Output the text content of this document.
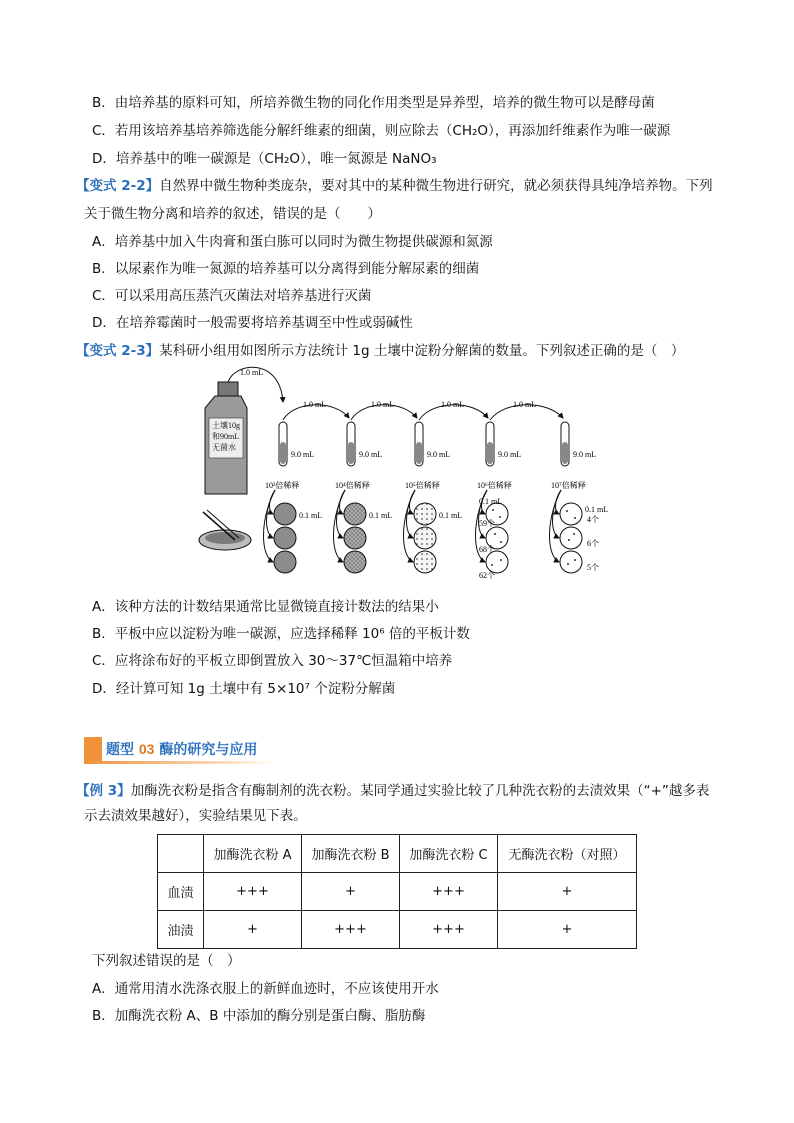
B．由培养基的原料可知，所培养微生物的同化作用类型是异养型，培养的微生物可以是酵母菌
C．若用该培养基培养筛选能分解纤维素的细菌，则应除去（CH₂O），再添加纤维素作为唯一碳源
D．培养基中的唯一碳源是（CH₂O），唯一氮源是 NaNO₃
【变式 2-2】自然界中微生物种类庞杂，要对其中的某种微生物进行研究，就必须获得具纯净培养物。下列
关于微生物分离和培养的叙述，错误的是（　　）
A．培养基中加入牛肉膏和蛋白胨可以同时为微生物提供碳源和氮源
B．以尿素作为唯一氮源的培养基可以分离得到能分解尿素的细菌
C．可以采用高压蒸汽灭菌法对培养基进行灭菌
D．在培养霉菌时一般需要将培养基调至中性或弱碱性
【变式 2-3】某科研小组用如图所示方法统计 1g 土壤中淀粉分解菌的数量。下列叙述正确的是（　）
土壤10g
和90mL
无菌水
1.0 mL
9.0 mL	9.0 mL	9.0 mL	9.0 mL	9.0 mL
1.0 mL	1.0 mL	1.0 mL	1.0 mL
10³倍稀释	10⁴倍稀释	10⁵倍稀释	10⁶倍稀释	10⁷倍稀释
0.1 mL	0.1 mL	0.1 mL
0.1 mL
59个
68个
62个
0.1 mL
4个
6个
5个
A．该种方法的计数结果通常比显微镜直接计数法的结果小
B．平板中应以淀粉为唯一碳源，应选择稀释 10⁶ 倍的平板计数
C．应将涂布好的平板立即倒置放入 30～37℃恒温箱中培养
D．经计算可知 1g 土壤中有 5×10⁷ 个淀粉分解菌
题型 03 酶的研究与应用
【例 3】加酶洗衣粉是指含有酶制剂的洗衣粉。某同学通过实验比较了几种洗衣粉的去渍效果（“+”越多表
示去渍效果越好），实验结果见下表。
	加酶洗衣粉 A	加酶洗衣粉 B	加酶洗衣粉 C	无酶洗衣粉（对照）
血渍	+++	+	+++	+
油渍	+	+++	+++	+
下列叙述错误的是（　）
A．通常用清水洗涤衣服上的新鲜血迹时，不应该使用开水
B．加酶洗衣粉 A、B 中添加的酶分别是蛋白酶、脂肪酶
